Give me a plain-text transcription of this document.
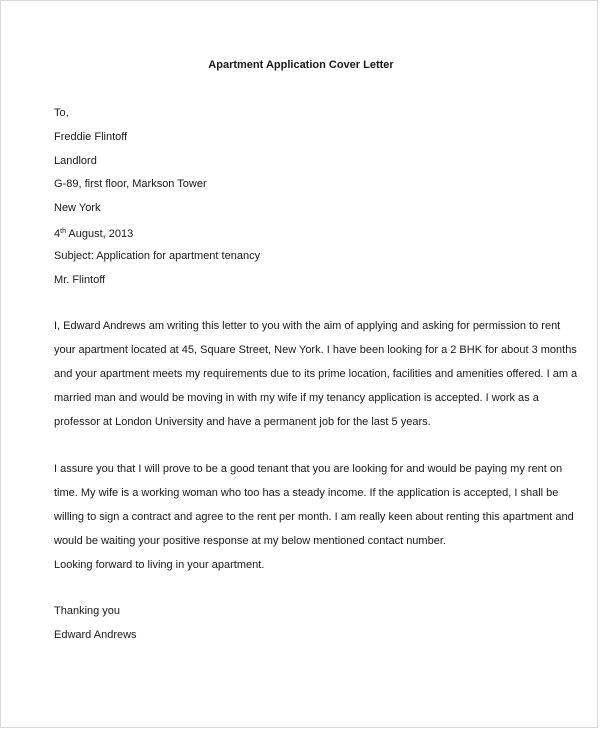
Apartment Application Cover Letter
To,
Freddie Flintoff
Landlord
G-89, first floor, Markson Tower
New York
4th August, 2013
Subject: Application for apartment tenancy
Mr. Flintoff
I, Edward Andrews am writing this letter to you with the aim of applying and asking for permission to rent
your apartment located at 45, Square Street, New York. I have been looking for a 2 BHK for about 3 months
and your apartment meets my requirements due to its prime location, facilities and amenities offered. I am a
married man and would be moving in with my wife if my tenancy application is accepted. I work as a
professor at London University and have a permanent job for the last 5 years.
I assure you that I will prove to be a good tenant that you are looking for and would be paying my rent on
time. My wife is a working woman who too has a steady income. If the application is accepted, I shall be
willing to sign a contract and agree to the rent per month. I am really keen about renting this apartment and
would be waiting your positive response at my below mentioned contact number.
Looking forward to living in your apartment.
Thanking you
Edward Andrews
